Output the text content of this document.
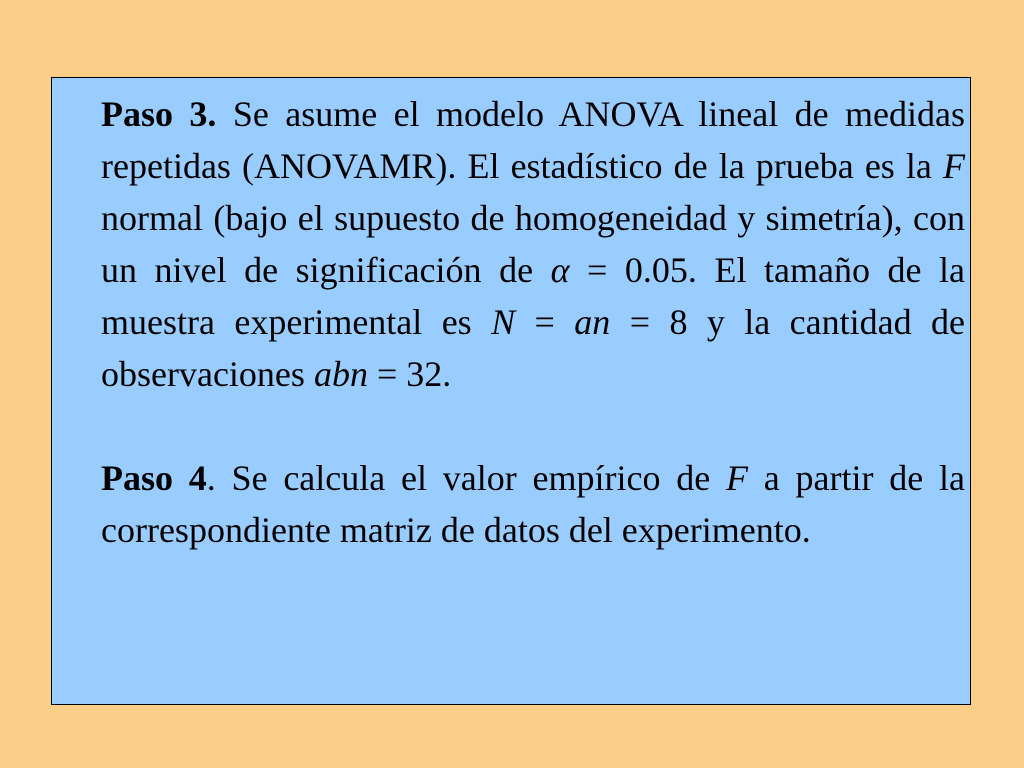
Paso 3. Se asume el modelo ANOVA lineal de medidas repetidas (ANOVAMR). El estadístico de la prueba es la F normal (bajo el supuesto de homogeneidad y simetría), con un nivel de significación de α = 0.05. El tamaño de la muestra experimental es N = an = 8 y la cantidad de observaciones abn = 32.

Paso 4. Se calcula el valor empírico de F a partir de la correspondiente matriz de datos del experimento.
